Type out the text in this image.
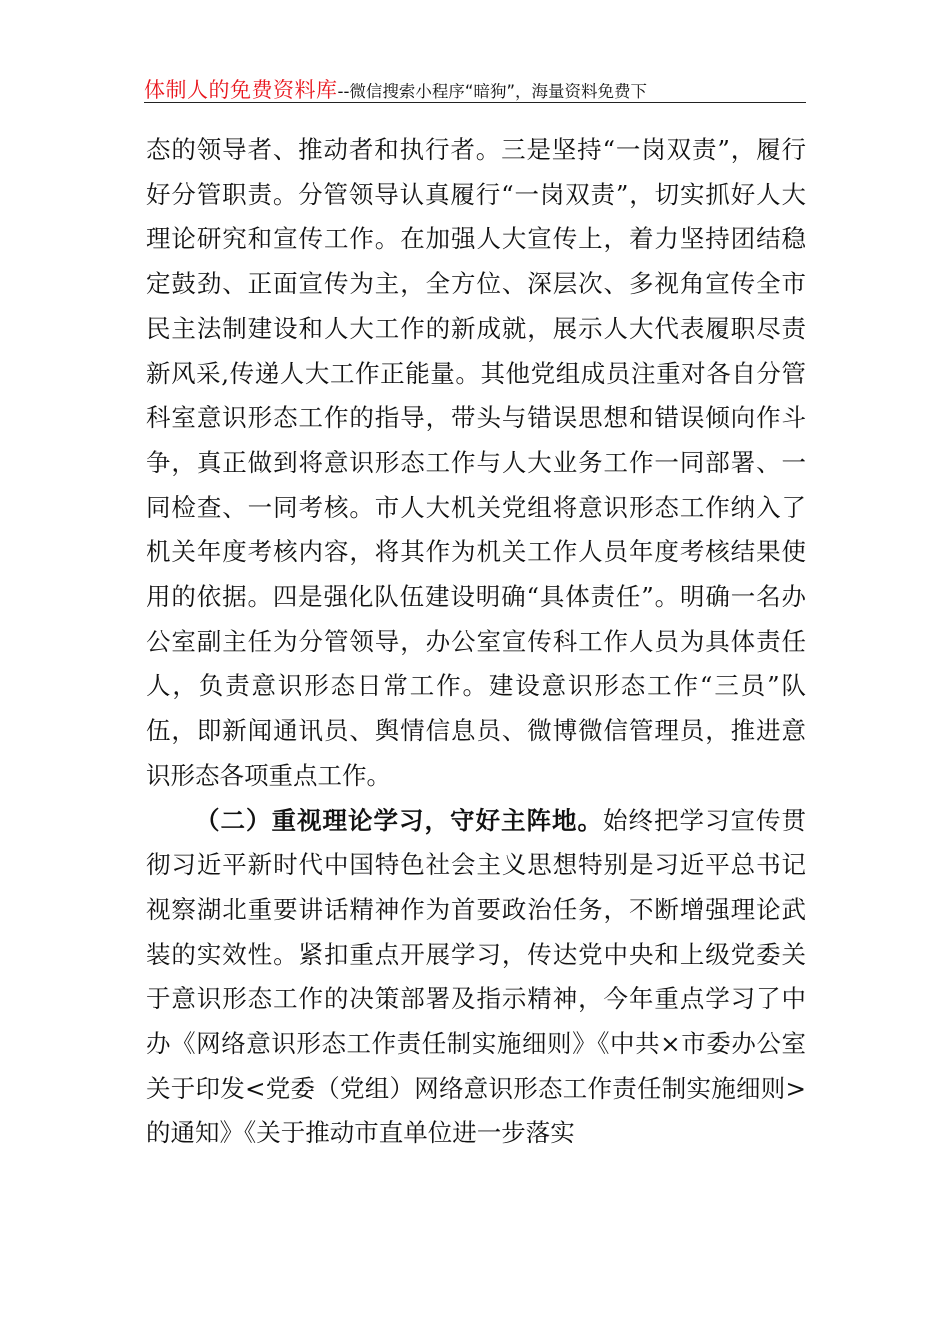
体制人的免费资料库--微信搜索小程序“暗狗”，海量资料免费下

态的领导者、推动者和执行者。三是坚持“一岗双责”，履行好分管职责。分管领导认真履行“一岗双责”，切实抓好人大理论研究和宣传工作。在加强人大宣传上，着力坚持团结稳定鼓劲、正面宣传为主，全方位、深层次、多视角宣传全市民主法制建设和人大工作的新成就，展示人大代表履职尽责新风采,传递人大工作正能量。其他党组成员注重对各自分管科室意识形态工作的指导，带头与错误思想和错误倾向作斗争，真正做到将意识形态工作与人大业务工作一同部署、一同检查、一同考核。市人大机关党组将意识形态工作纳入了机关年度考核内容，将其作为机关工作人员年度考核结果使用的依据。四是强化队伍建设明确“具体责任”。明确一名办公室副主任为分管领导，办公室宣传科工作人员为具体责任人，负责意识形态日常工作。建设意识形态工作“三员”队伍，即新闻通讯员、舆情信息员、微博微信管理员，推进意识形态各项重点工作。

（二）重视理论学习，守好主阵地。始终把学习宣传贯彻习近平新时代中国特色社会主义思想特别是习近平总书记视察湖北重要讲话精神作为首要政治任务，不断增强理论武装的实效性。紧扣重点开展学习，传达党中央和上级党委关于意识形态工作的决策部署及指示精神，今年重点学习了中办《网络意识形态工作责任制实施细则》《中共×市委办公室关于印发<党委（党组）网络意识形态工作责任制实施细则>的通知》《关于推动市直单位进一步落实
